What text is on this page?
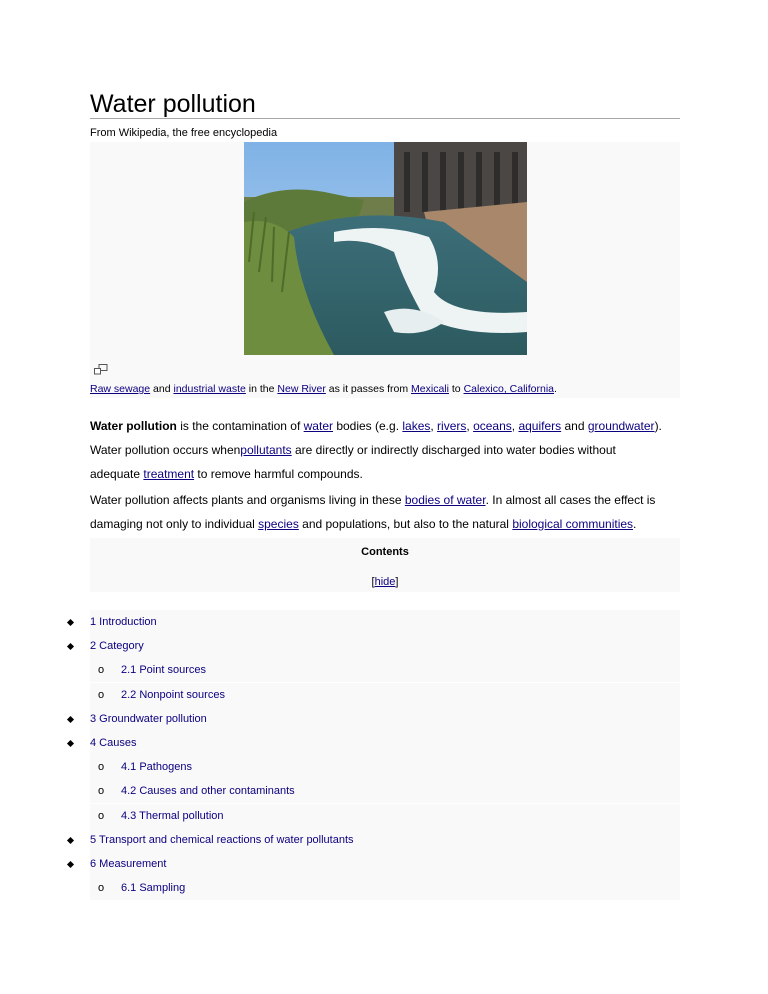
Water pollution
From Wikipedia, the free encyclopedia
Raw sewage and industrial waste in the New River as it passes from Mexicali to Calexico, California.
Water pollution is the contamination of water bodies (e.g. lakes, rivers, oceans, aquifers and groundwater).
Water pollution occurs whenpollutants are directly or indirectly discharged into water bodies without
adequate treatment to remove harmful compounds.
Water pollution affects plants and organisms living in these bodies of water. In almost all cases the effect is
damaging not only to individual species and populations, but also to the natural biological communities.
Contents
[hide]
1 Introduction
2 Category
o 2.1 Point sources
o 2.2 Nonpoint sources
3 Groundwater pollution
4 Causes
o 4.1 Pathogens
o 4.2 Causes and other contaminants
o 4.3 Thermal pollution
5 Transport and chemical reactions of water pollutants
6 Measurement
o 6.1 Sampling
